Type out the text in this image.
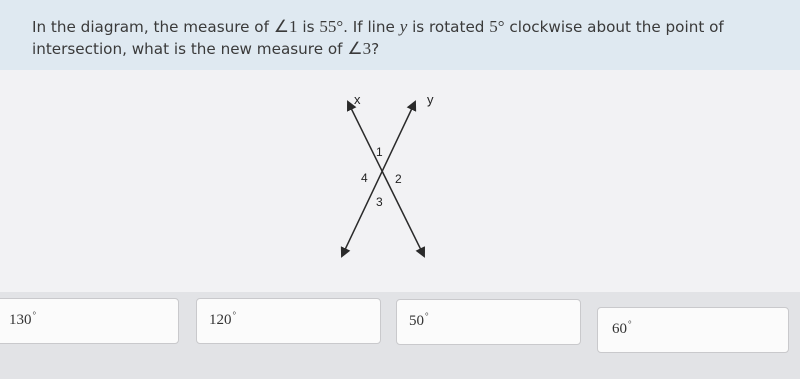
In the diagram, the measure of ∠1 is 55°. If line y is rotated 5° clockwise about the point of intersection, what is the new measure of ∠3?
x	y
1
2
3
4
130°	120°	50°
60°
